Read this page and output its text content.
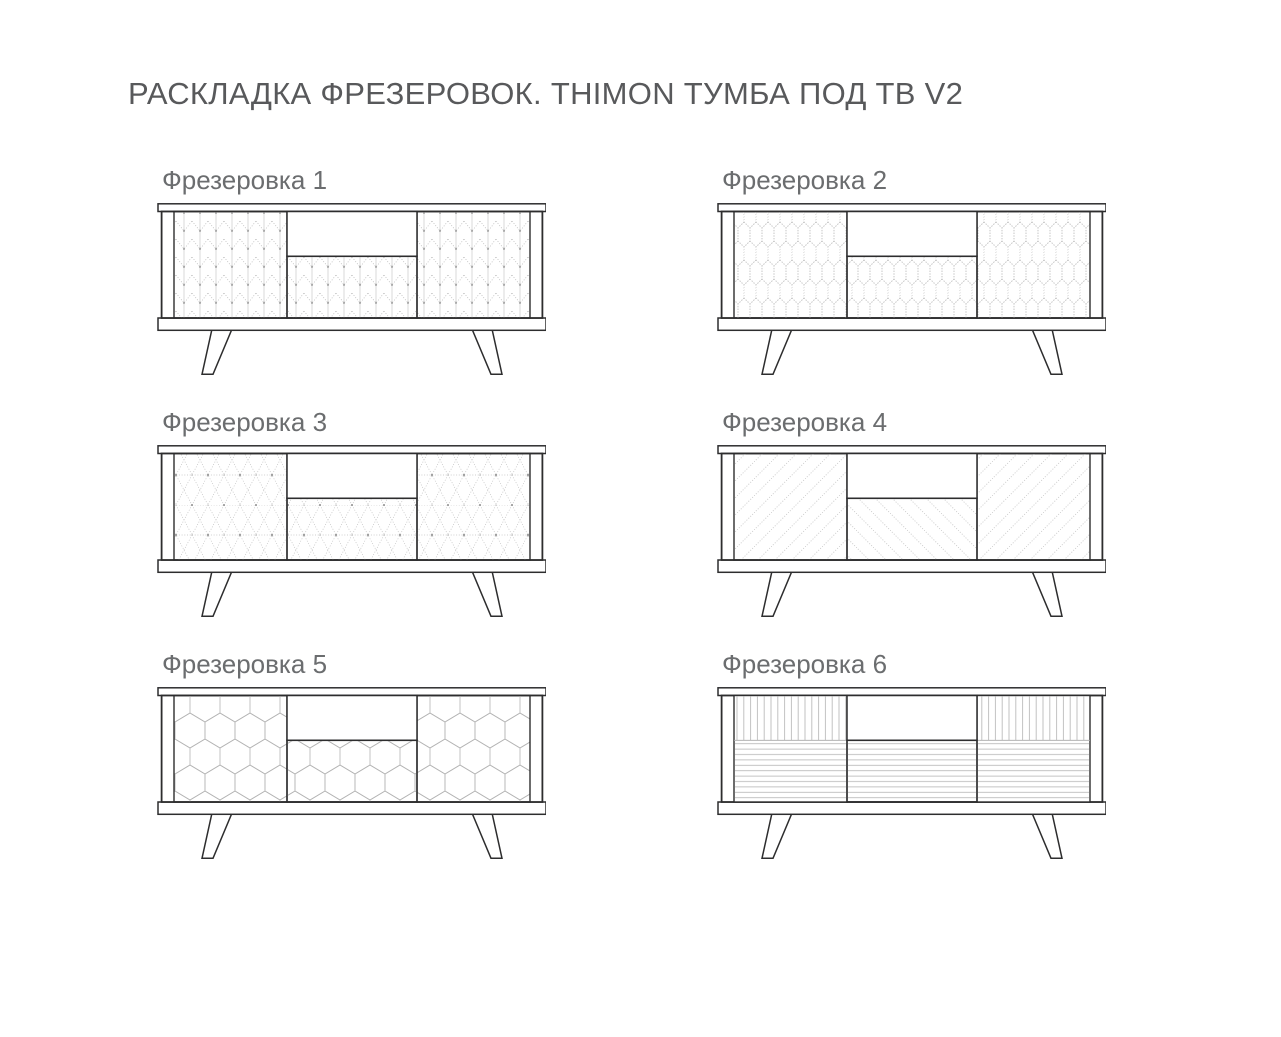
РАСКЛАДКА ФРЕЗЕРОВОК. THIMON ТУМБА ПОД ТВ V2
Фрезеровка 1	Фрезеровка 2
Фрезеровка 3	Фрезеровка 4
Фрезеровка 5	Фрезеровка 6
